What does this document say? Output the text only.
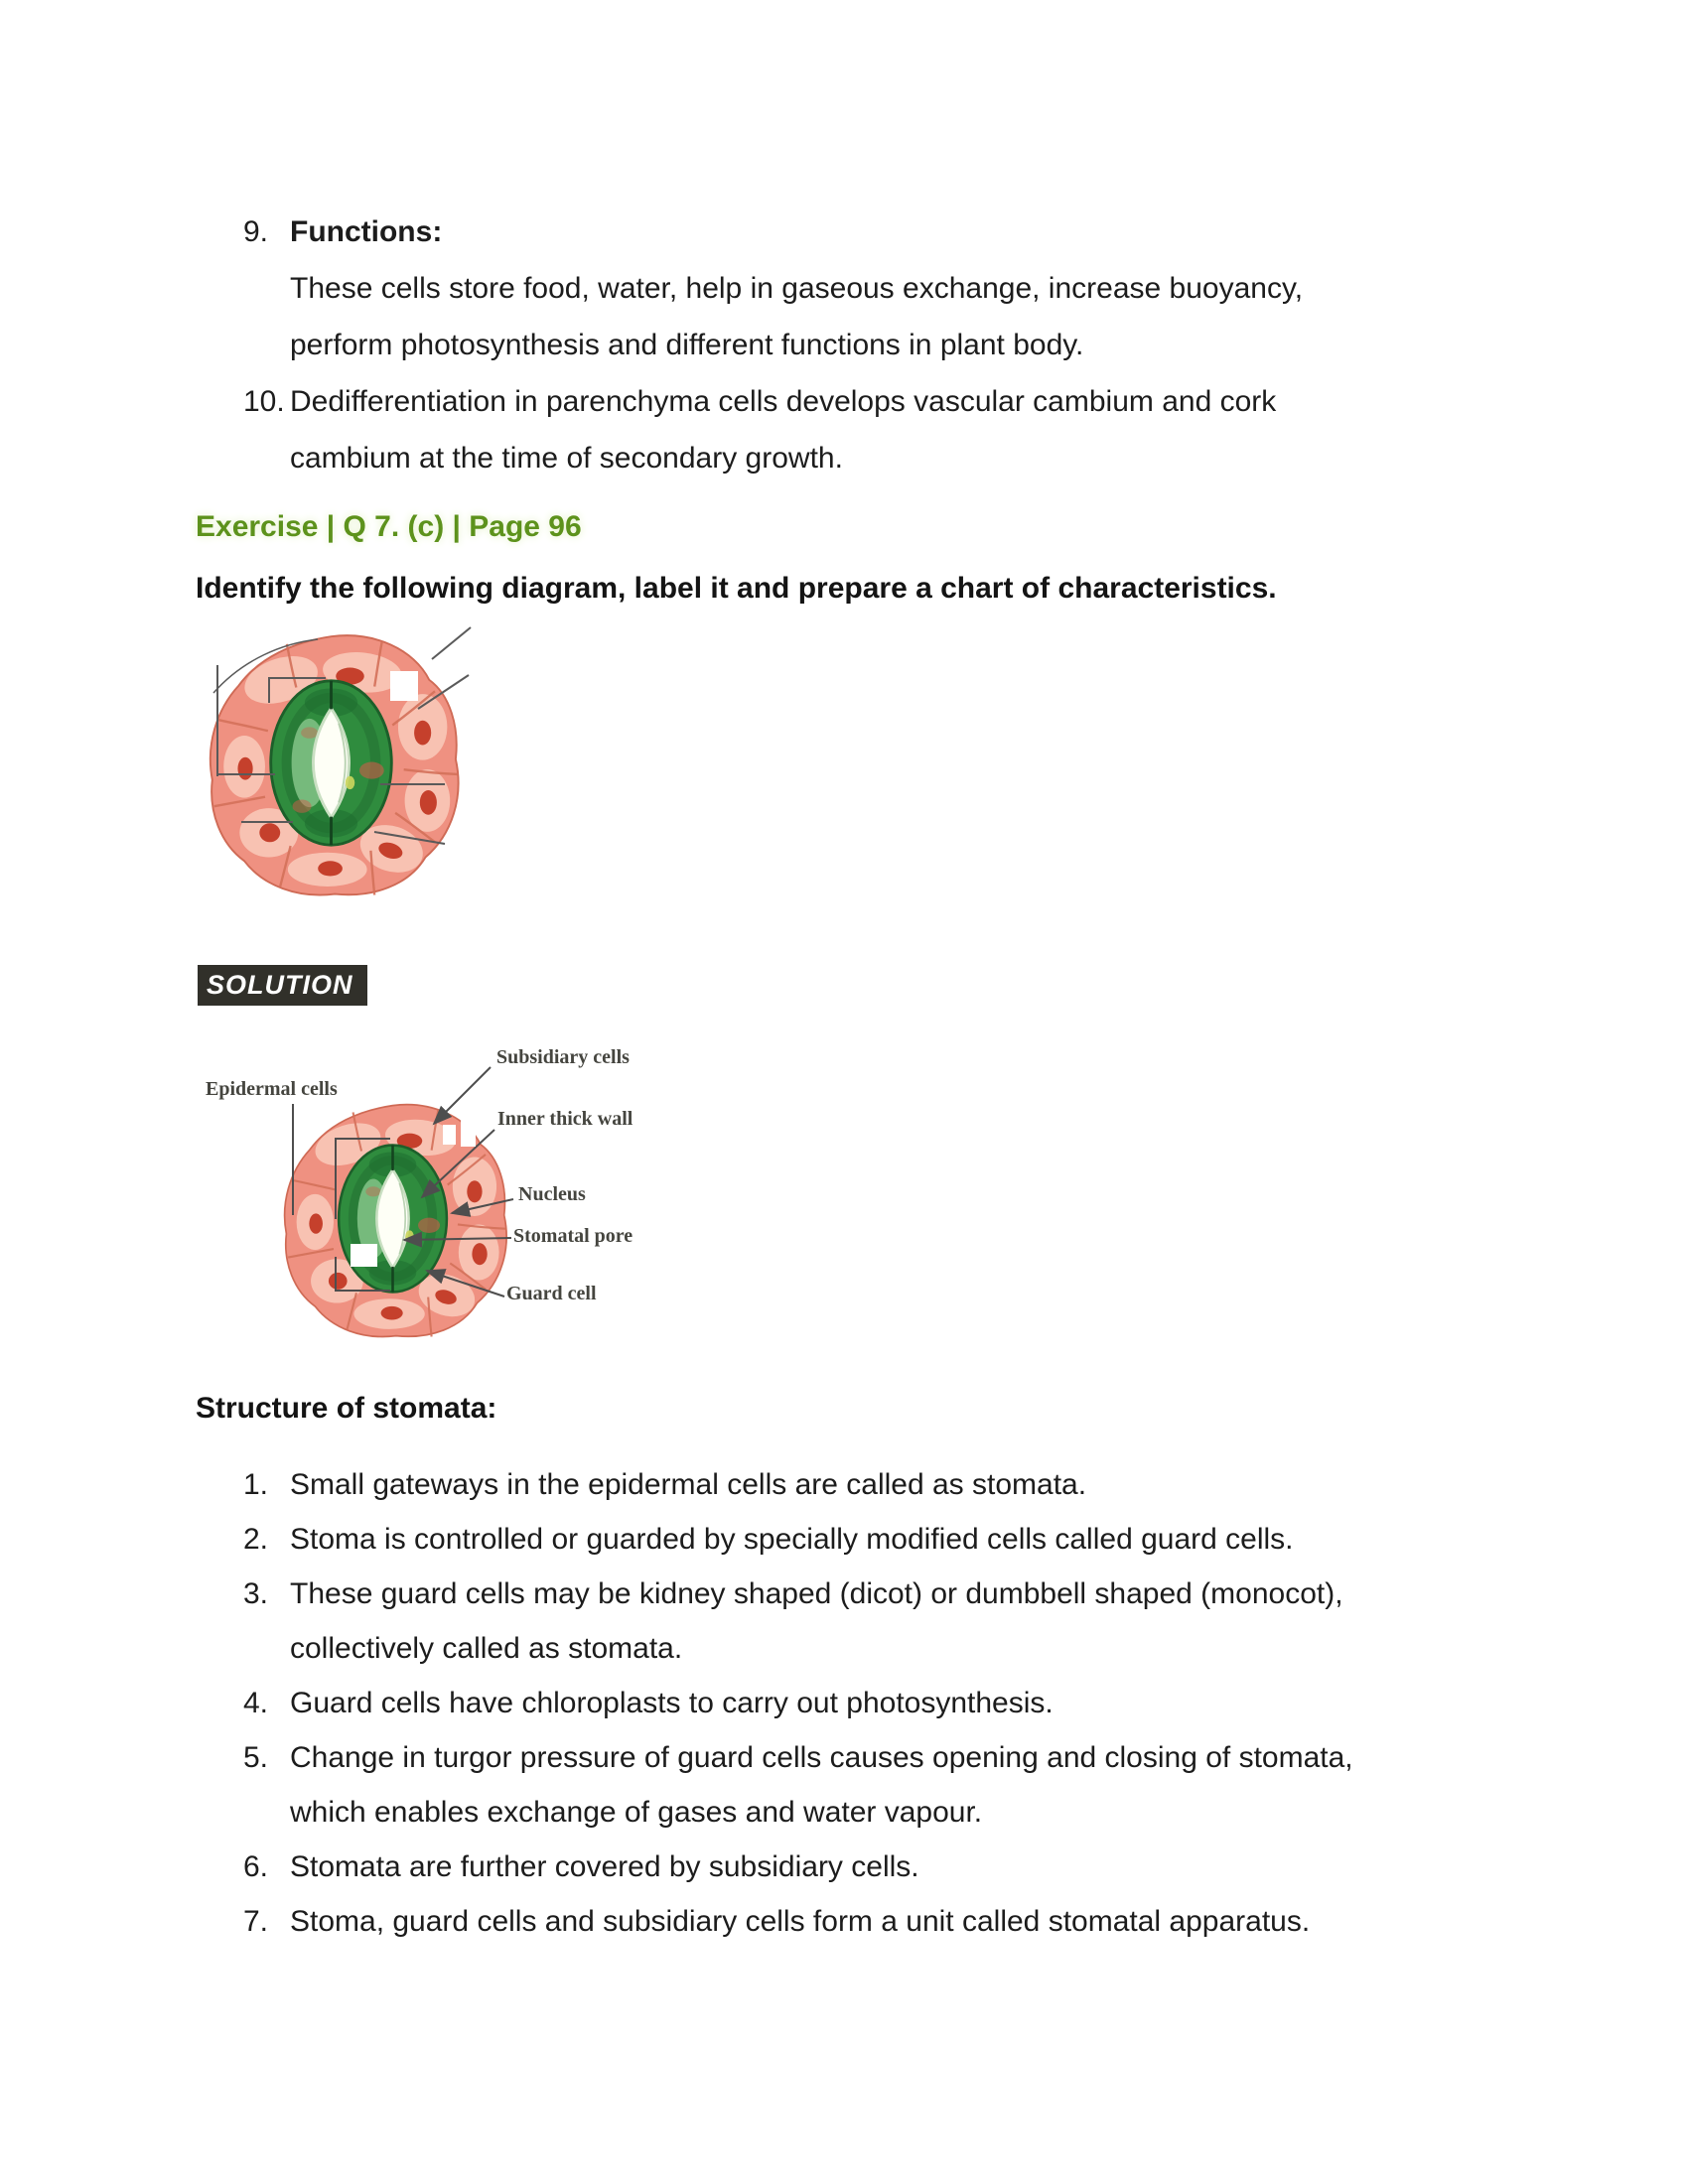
9. Functions:
These cells store food, water, help in gaseous exchange, increase buoyancy,
perform photosynthesis and different functions in plant body.
10. Dedifferentiation in parenchyma cells develops vascular cambium and cork
cambium at the time of secondary growth.
Exercise | Q 7. (c) | Page 96
Identify the following diagram, label it and prepare a chart of characteristics.
SOLUTION
Epidermal cells
Subsidiary cells
Inner thick wall
Nucleus
Stomatal pore
Guard cell
Structure of stomata:
1. Small gateways in the epidermal cells are called as stomata.
2. Stoma is controlled or guarded by specially modified cells called guard cells.
3. These guard cells may be kidney shaped (dicot) or dumbbell shaped (monocot),
collectively called as stomata.
4. Guard cells have chloroplasts to carry out photosynthesis.
5. Change in turgor pressure of guard cells causes opening and closing of stomata,
which enables exchange of gases and water vapour.
6. Stomata are further covered by subsidiary cells.
7. Stoma, guard cells and subsidiary cells form a unit called stomatal apparatus.
